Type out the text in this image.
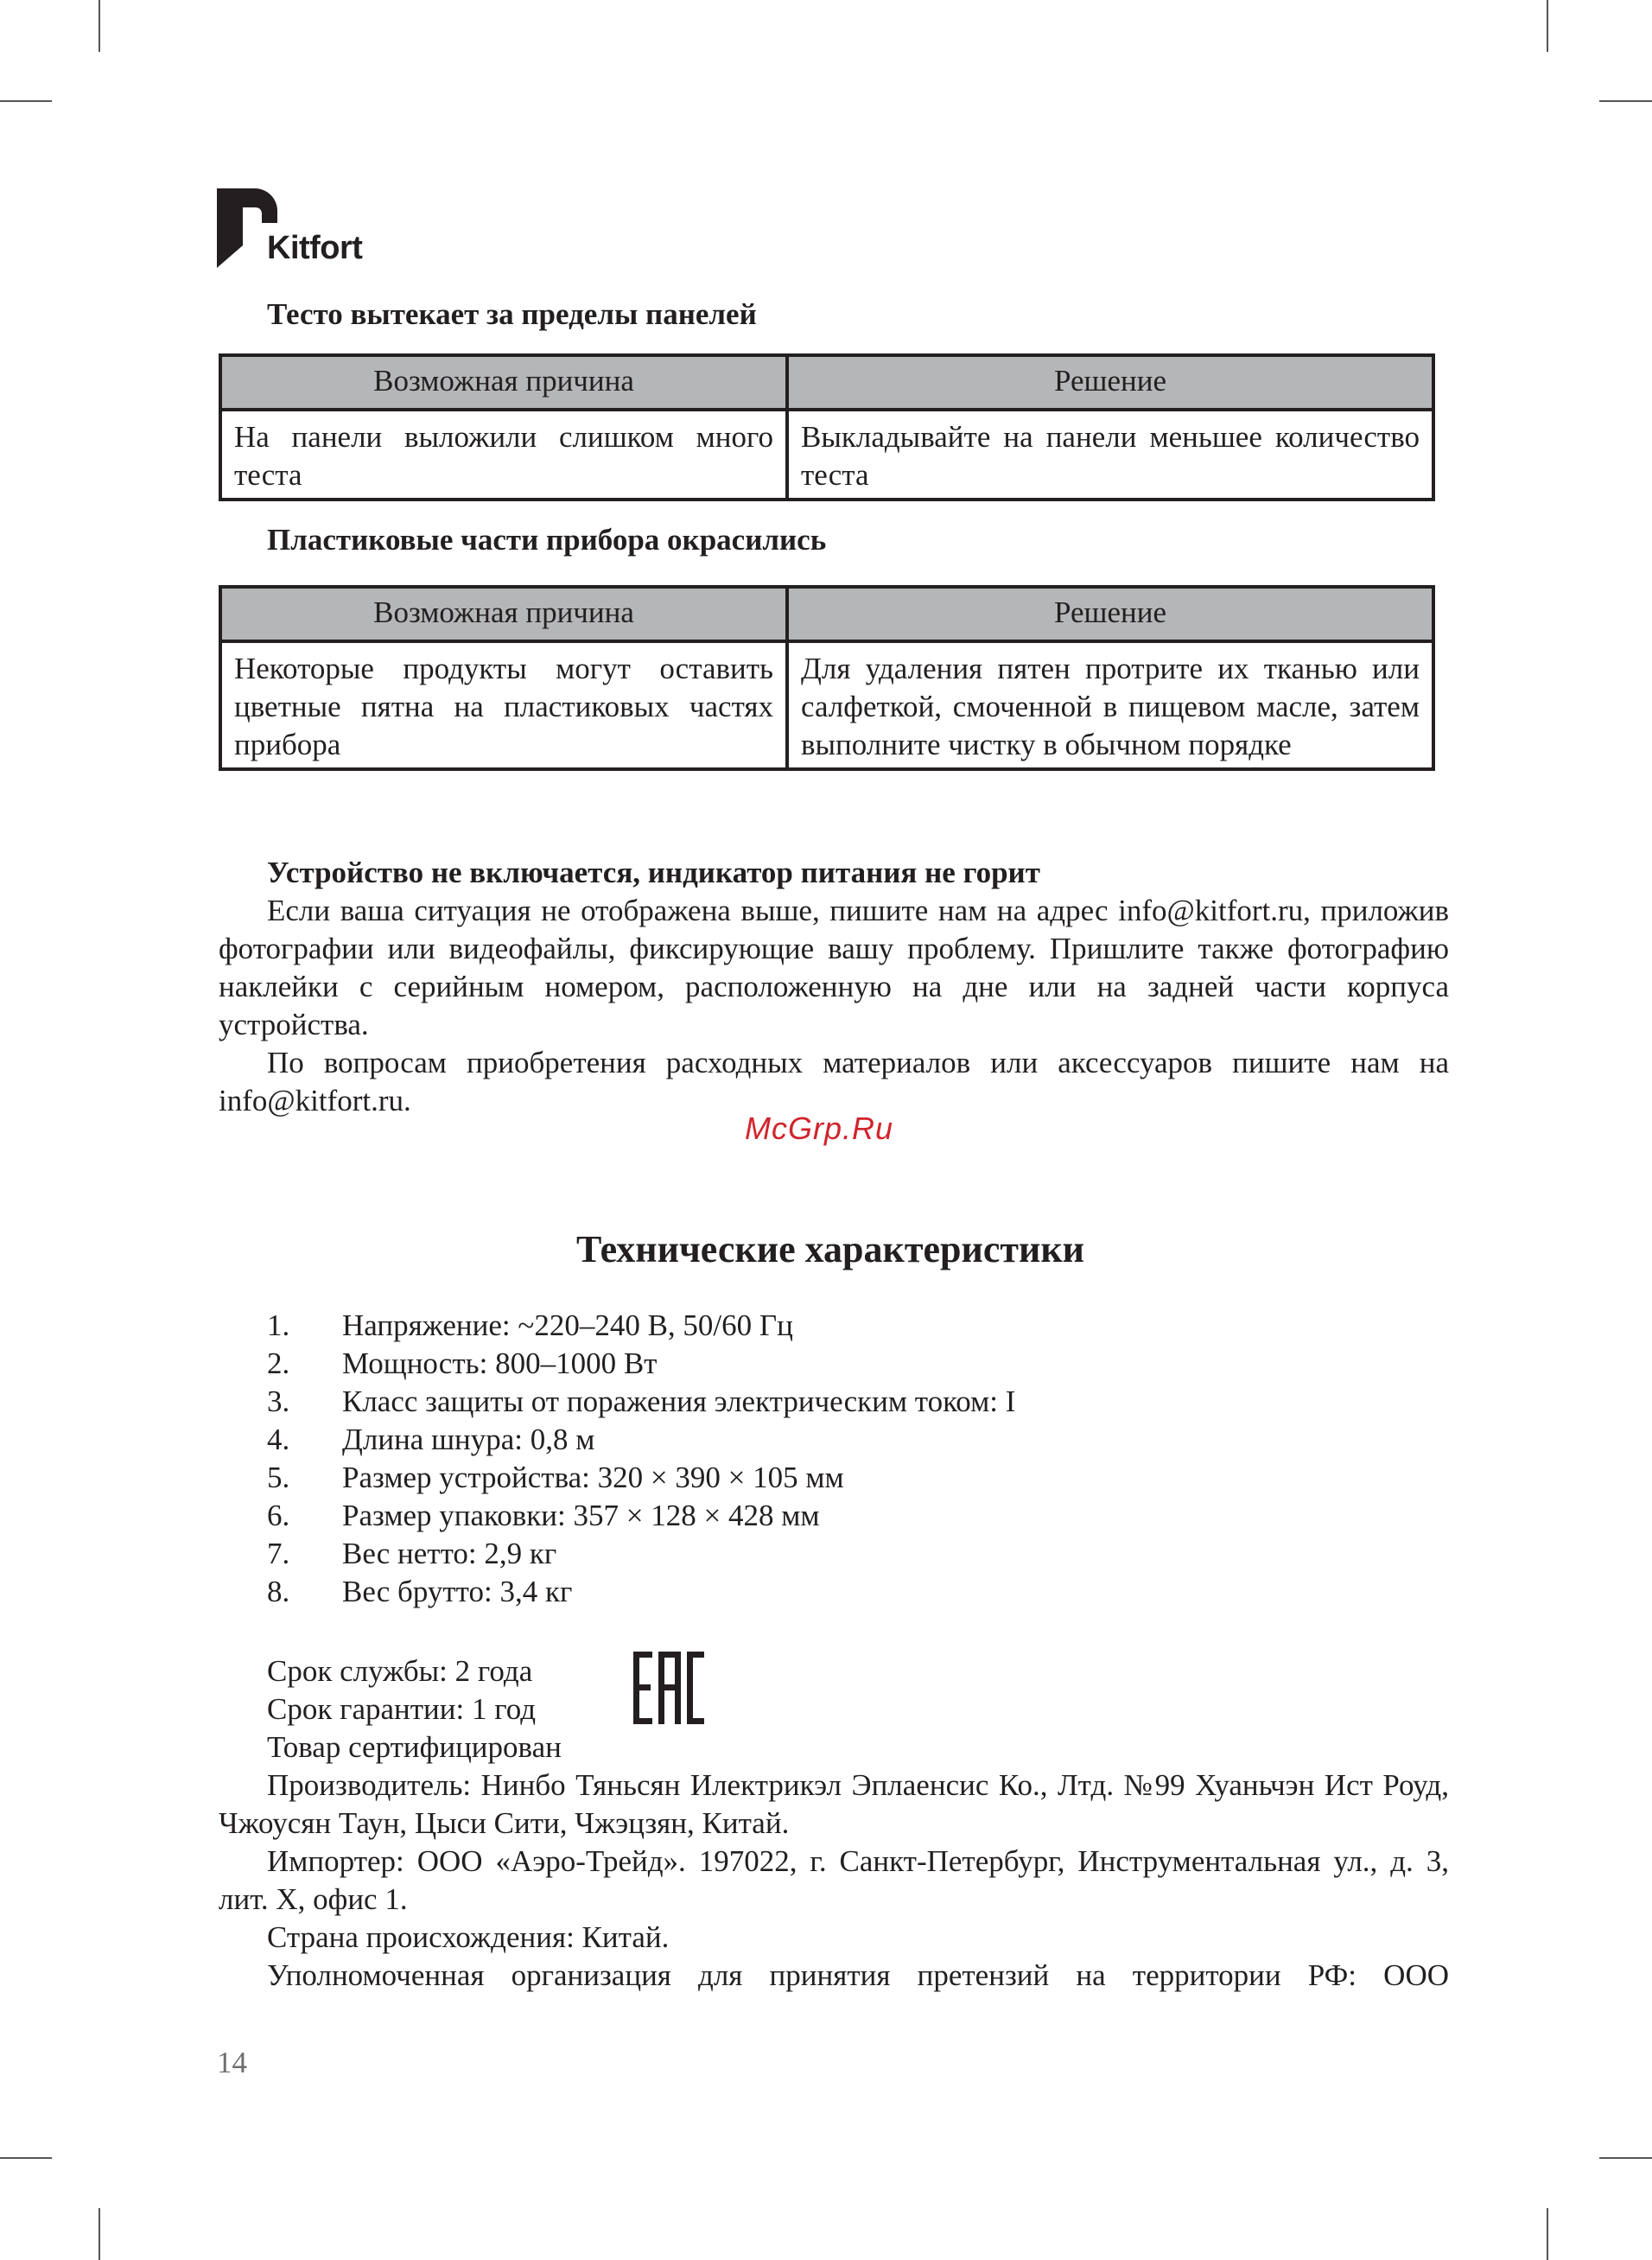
Kitfort
Тесто вытекает за пределы панелей
Возможная причина	Решение
На панели выложили слишком много теста	Выкладывайте на панели меньшее количество теста
Пластиковые части прибора окрасились
Возможная причина	Решение
Некоторые продукты могут оставить цветные пятна на пластиковых частях прибора	Для удаления пятен протрите их тканью или салфеткой, смоченной в пищевом масле, затем выполните чистку в обычном порядке
Устройство не включается, индикатор питания не горит

Если ваша ситуация не отображена выше, пишите нам на адрес info@kitfort.ru, приложив фотографии или видеофайлы, фиксирующие вашу проблему. Пришлите также фотографию наклейки с серийным номером, расположенную на дне или на задней части корпуса устройства.

По вопросам приобретения расходных материалов или аксессуаров пишите нам на info@kitfort.ru.

McGrp.Ru
Технические характеристики
1. Напряжение: ~220–240 В, 50/60 Гц
2. Мощность: 800–1000 Вт
3. Класс защиты от поражения электрическим током: I
4. Длина шнура: 0,8 м
5. Размер устройства: 320 × 390 × 105 мм
6. Размер упаковки: 357 × 128 × 428 мм
7. Вес нетто: 2,9 кг
8. Вес брутто: 3,4 кг
Срок службы: 2 года
Срок гарантии: 1 год
Товар сертифицирован

Производитель: Нинбо Тяньсян Илектрикэл Эплаенсис Ко., Лтд. №99 Хуаньчэн Ист Роуд, Чжоусян Таун, Цыси Сити, Чжэцзян, Китай.

Импортер: ООО «Аэро-Трейд». 197022, г. Санкт-Петербург, Инструментальная ул., д. 3, лит. Х, офис 1.

Страна происхождения: Китай.

Уполномоченная организация для принятия претензий на территории РФ: ООО

14
